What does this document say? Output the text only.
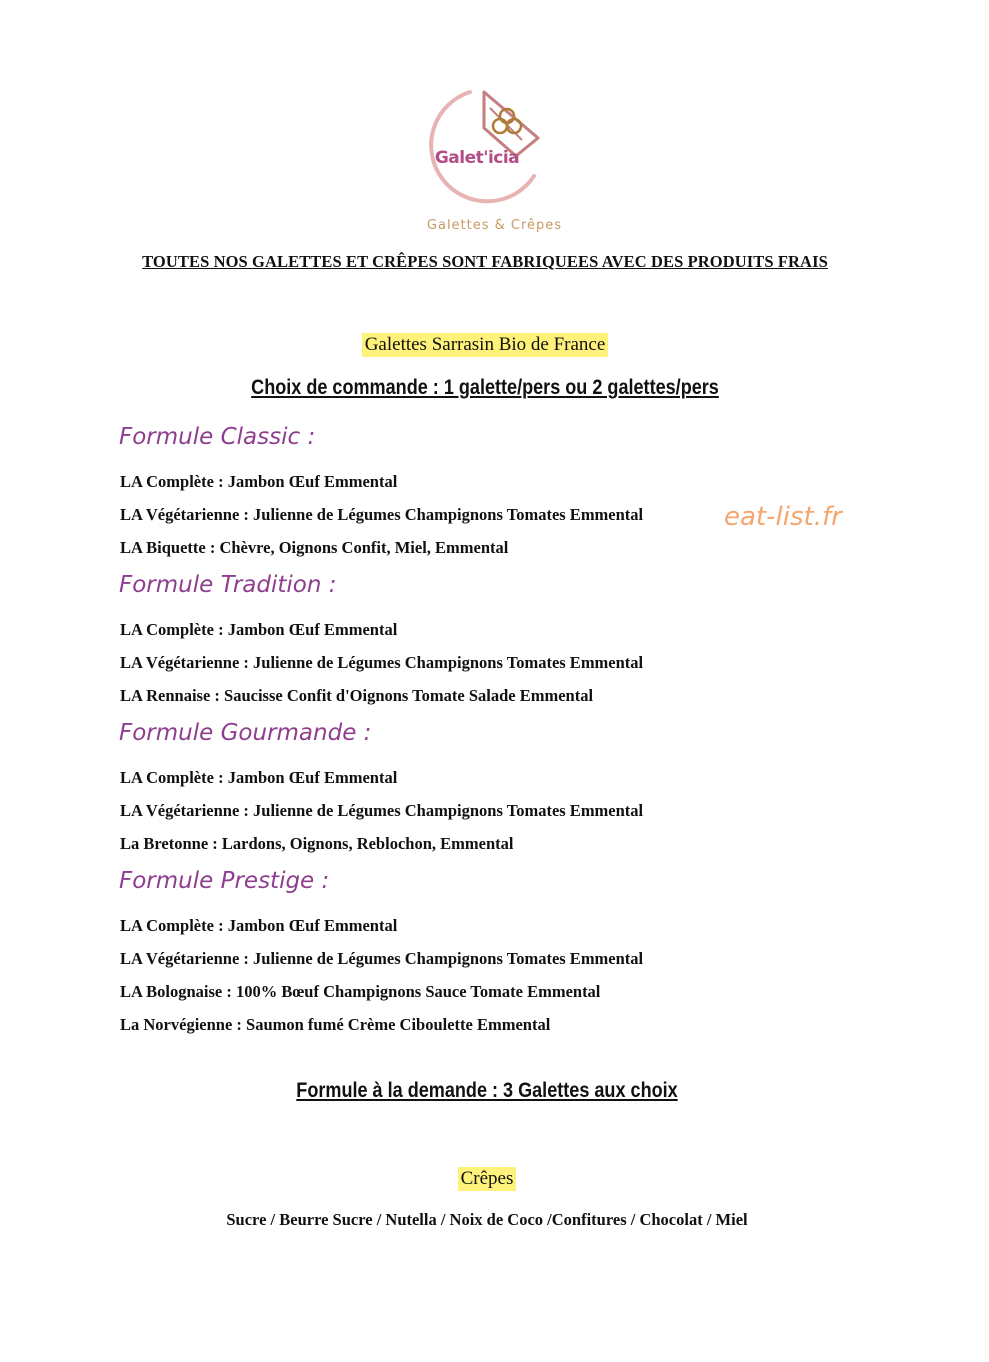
Galet'icia
Galettes & Crêpes
TOUTES NOS GALETTES ET CRÊPES SONT FABRIQUEES AVEC DES PRODUITS FRAIS
Galettes Sarrasin Bio de France
Choix de commande : 1 galette/pers ou 2 galettes/pers
Formule Classic :
LA Complète : Jambon Œuf Emmental
LA Végétarienne : Julienne de Légumes Champignons Tomates Emmental
LA Biquette : Chèvre, Oignons Confit, Miel, Emmental
eat-list.fr
Formule Tradition :
LA Complète : Jambon Œuf Emmental
LA Végétarienne : Julienne de Légumes Champignons Tomates Emmental
LA Rennaise : Saucisse Confit d'Oignons Tomate Salade Emmental
Formule Gourmande :
LA Complète : Jambon Œuf Emmental
LA Végétarienne : Julienne de Légumes Champignons Tomates Emmental
La Bretonne : Lardons, Oignons, Reblochon, Emmental
Formule Prestige :
LA Complète : Jambon Œuf Emmental
LA Végétarienne : Julienne de Légumes Champignons Tomates Emmental
LA Bolognaise : 100% Bœuf Champignons Sauce Tomate Emmental
La Norvégienne : Saumon fumé Crème Ciboulette Emmental
Formule à la demande : 3 Galettes aux choix
Crêpes
Sucre / Beurre Sucre / Nutella / Noix de Coco /Confitures / Chocolat / Miel
